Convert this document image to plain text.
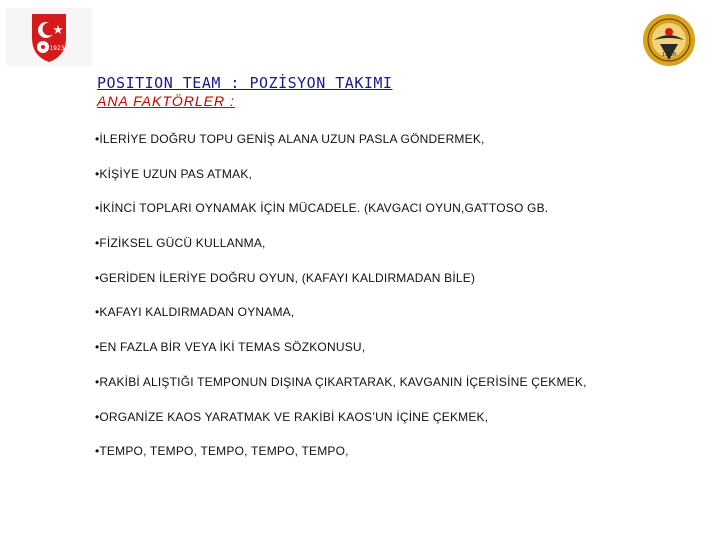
1923
19 58
POSITION TEAM : POZİSYON TAKIMI
ANA FAKTÖRLER :
•İLERİYE DOĞRU TOPU GENİŞ ALANA UZUN PASLA GÖNDERMEK,
•KİŞİYE UZUN PAS ATMAK,
•İKİNCİ TOPLARI OYNAMAK İÇİN MÜCADELE. (KAVGACI OYUN,GATTOSO GB.
•FİZİKSEL GÜCÜ KULLANMA,
•GERİDEN İLERİYE DOĞRU OYUN, (KAFAYI KALDIRMADAN BİLE)
•KAFAYI KALDIRMADAN OYNAMA,
•EN FAZLA BİR VEYA İKİ TEMAS SÖZKONUSU,
•RAKİBİ ALIŞTIĞI TEMPONUN DIŞINA ÇIKARTARAK, KAVGANIN İÇERİSİNE ÇEKMEK,
•ORGANİZE KAOS YARATMAK VE RAKİBİ KAOS’UN İÇİNE ÇEKMEK,
•TEMPO, TEMPO, TEMPO, TEMPO, TEMPO,
